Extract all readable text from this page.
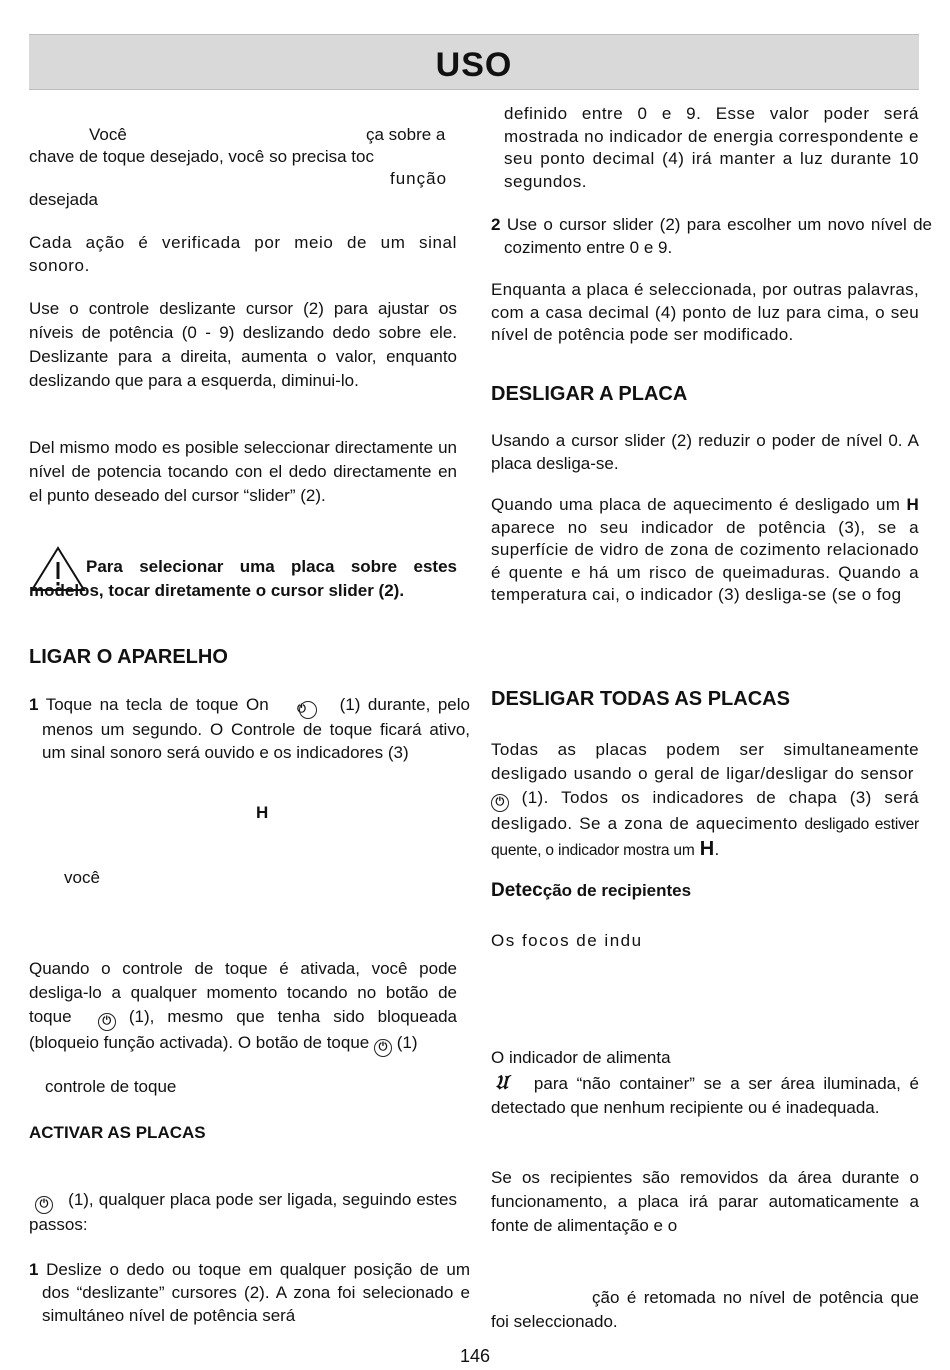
USO

Você	ça sobre a

chave de toque desejado, você so precisa toc

função

desejada

Cada ação é verificada por meio de um sinal sonoro.

Use o controle deslizante cursor (2) para ajustar os níveis de potência (0 - 9) deslizando dedo sobre ele. Deslizante para a direita, aumenta o valor, enquanto deslizando que para a esquerda, diminui-lo.

Del mismo modo es posible seleccionar directamente un nível de potencia tocando con el dedo directamente en el punto deseado del cursor “slider” (2).

Para selecionar uma placa sobre estes modelos, tocar diretamente o cursor slider (2).

LIGAR O APARELHO

1 Toque na tecla de toque On ⏻	(1) durante, pelo menos um segundo. O Controle de toque ficará ativo, um sinal sonoro será ouvido e os indicadores (3)

H

você

Quando o controle de toque é ativada, você pode desliga-lo a qualquer momento tocando no botão de toque ⏻	(1), mesmo que tenha sido bloqueada (bloqueio função activada). O botão de toque ⏻ (1)

controle de toque

ACTIVAR AS PLACAS

⏻   (1), qualquer placa pode ser ligada, seguindo estes passos:

1 Deslize o dedo ou toque em qualquer posição de um dos “deslizante” cursores (2). A zona foi selecionado e simultáneo nível de potência será

definido entre 0 e 9. Esse valor poder será mostrada no indicador de energia correspondente e seu ponto decimal (4) irá manter a luz durante 10 segundos.

2 Use o cursor slider (2) para escolher um novo nível de cozimento entre 0 e 9.

Enquanta a placa é seleccionada, por outras palavras, com a casa decimal (4) ponto de luz para cima, o seu nível de potência pode ser modificado.

DESLIGAR A PLACA

Usando a cursor slider (2) reduzir o poder de nível 0. A placa desliga-se.

Quando uma placa de aquecimento é desligado um H aparece no seu indicador de potência (3), se a superfície de vidro de zona de cozimento relacionado é quente e há um risco de queimaduras. Quando a temperatura cai, o indicador (3) desliga-se (se o fog

DESLIGAR TODAS AS PLACAS

Todas as placas podem ser simultaneamente desligado usando o geral de ligar/desligar do sensor ⏻ (1). Todos os indicadores de chapa (3) será desligado. Se a zona de aquecimento desligado estiver quente, o indicador mostra um H.

Detecção de recipientes

Os focos de indu

O indicador de alimenta

𝔘 para “não container” se a ser área iluminada, é detectado que nenhum recipiente ou é inadequada.

Se os recipientes são removidos da área durante o funcionamento, a placa irá parar automaticamente a fonte de alimentação e o

ção é retomada no nível de potência que foi seleccionado.

146
